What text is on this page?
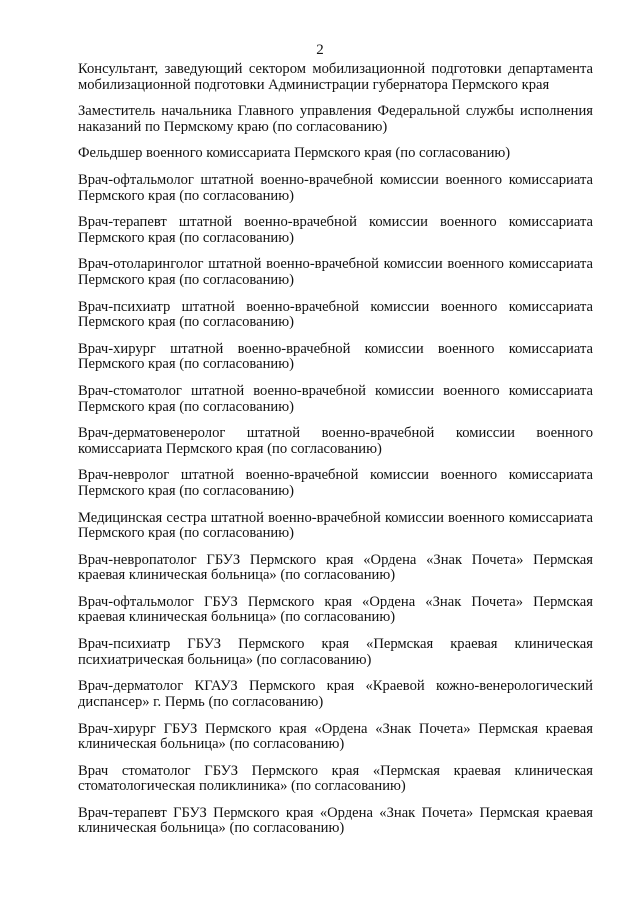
2

Консультант, заведующий сектором мобилизационной подготовки департамента мобилизационной подготовки Администрации губернатора Пермского края

Заместитель начальника Главного управления Федеральной службы исполнения наказаний по Пермскому краю (по согласованию)

Фельдшер военного комиссариата Пермского края (по согласованию)

Врач-офтальмолог штатной военно-врачебной комиссии военного комиссариата Пермского края (по согласованию)

Врач-терапевт штатной военно-врачебной комиссии военного комиссариата Пермского края (по согласованию)

Врач-отоларинголог штатной военно-врачебной комиссии военного комиссариата Пермского края (по согласованию)

Врач-психиатр штатной военно-врачебной комиссии военного комиссариата Пермского края (по согласованию)

Врач-хирург штатной военно-врачебной комиссии военного комиссариата Пермского края (по согласованию)

Врач-стоматолог штатной военно-врачебной комиссии военного комиссариата Пермского края (по согласованию)

Врач-дерматовенеролог штатной военно-врачебной комиссии военного комиссариата Пермского края (по согласованию)

Врач-невролог штатной военно-врачебной комиссии военного комиссариата Пермского края (по согласованию)

Медицинская сестра штатной военно-врачебной комиссии военного комиссариата Пермского края (по согласованию)

Врач-невропатолог ГБУЗ Пермского края «Ордена «Знак Почета» Пермская краевая клиническая больница» (по согласованию)

Врач-офтальмолог ГБУЗ Пермского края «Ордена «Знак Почета» Пермская краевая клиническая больница» (по согласованию)

Врач-психиатр ГБУЗ Пермского края «Пермская краевая клиническая психиатрическая больница» (по согласованию)

Врач-дерматолог КГАУЗ Пермского края «Краевой кожно-венерологический диспансер» г. Пермь (по согласованию)

Врач-хирург ГБУЗ Пермского края «Ордена «Знак Почета» Пермская краевая клиническая больница» (по согласованию)

Врач стоматолог ГБУЗ Пермского края «Пермская краевая клиническая стоматологическая поликлиника» (по согласованию)

Врач-терапевт ГБУЗ Пермского края «Ордена «Знак Почета» Пермская краевая клиническая больница» (по согласованию)
